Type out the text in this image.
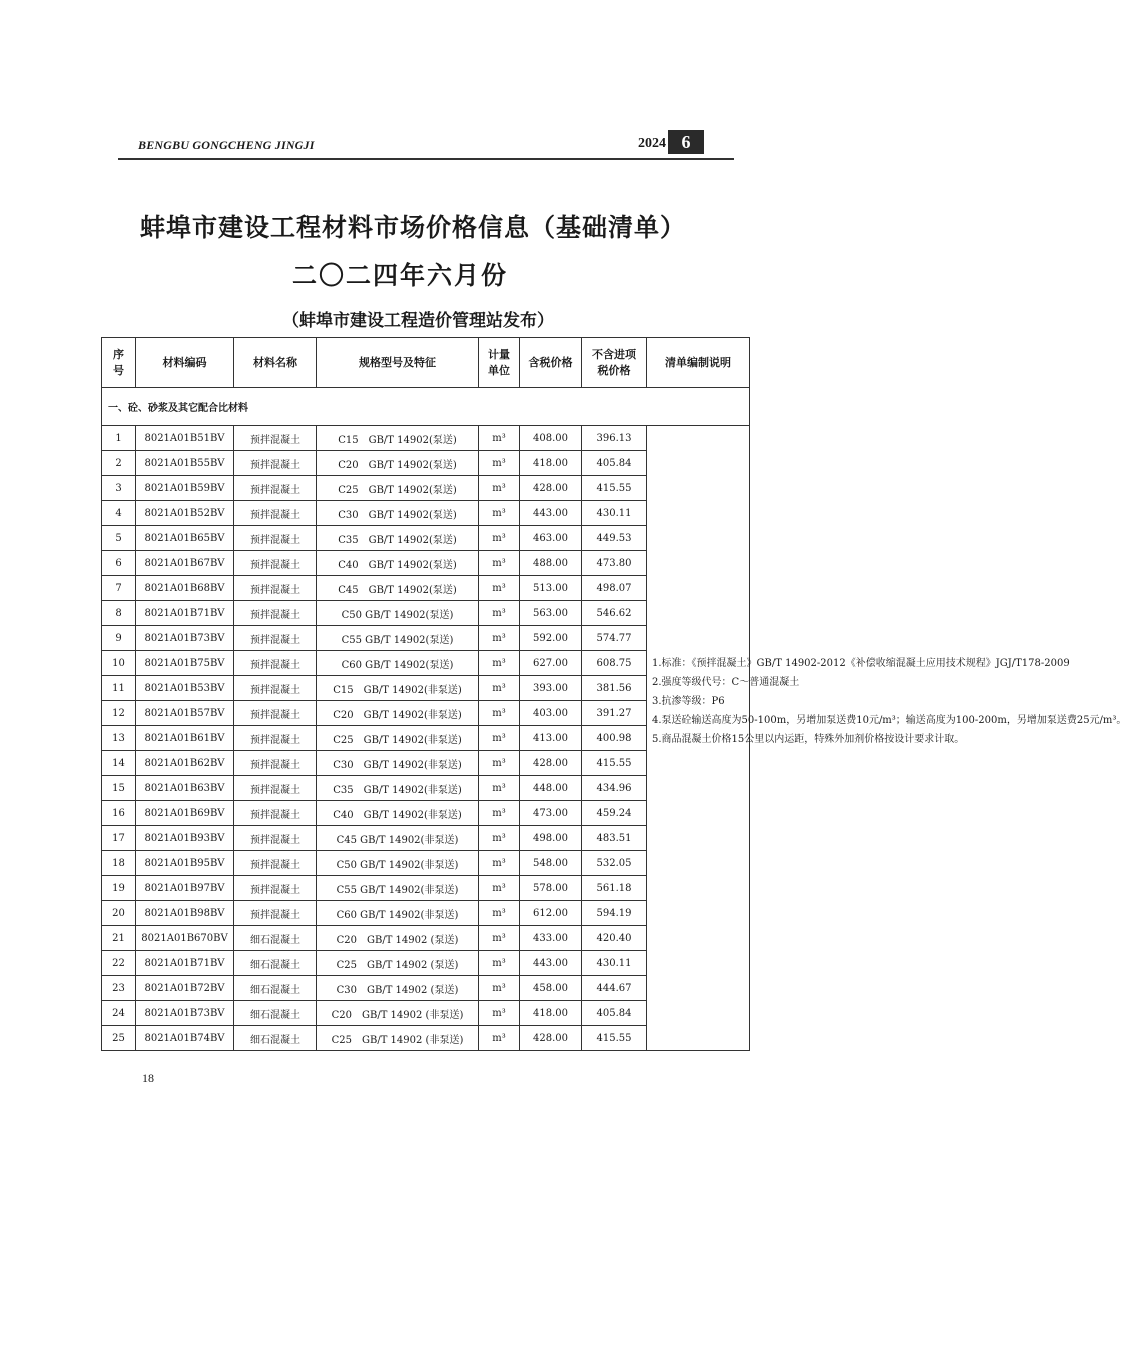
BENGBU GONGCHENG JINGJI	2024 6
蚌埠市建设工程材料市场价格信息（基础清单）
二〇二四年六月份
（蚌埠市建设工程造价管理站发布）
序号	材料编码	材料名称	规格型号及特征	计量单位	含税价格	不含进项税价格	清单编制说明
一、砼、砂浆及其它配合比材料							
1	8021A01B51BV	预拌混凝土	C15　GB/T 14902(泵送)	m³	408.00	396.13	1.标准：《预拌混凝土》GB/T 14902-2012《补偿收缩混凝土应用技术规程》JGJ/T178-2009
2.强度等级代号：C～普通混凝土
3.抗渗等级：P6
4.泵送砼输送高度为50-100m，另增加泵送费10元/m³；输送高度为100-200m，另增加泵送费25元/m³。
5.商品混凝土价格15公里以内运距，特殊外加剂价格按设计要求计取。

2	8021A01B55BV	预拌混凝土	C20　GB/T 14902(泵送)	m³	418.00	405.84	
3	8021A01B59BV	预拌混凝土	C25　GB/T 14902(泵送)	m³	428.00	415.55	
4	8021A01B52BV	预拌混凝土	C30　GB/T 14902(泵送)	m³	443.00	430.11	
5	8021A01B65BV	预拌混凝土	C35　GB/T 14902(泵送)	m³	463.00	449.53	
6	8021A01B67BV	预拌混凝土	C40　GB/T 14902(泵送)	m³	488.00	473.80	
7	8021A01B68BV	预拌混凝土	C45　GB/T 14902(泵送)	m³	513.00	498.07	
8	8021A01B71BV	预拌混凝土	C50 GB/T 14902(泵送)	m³	563.00	546.62	
9	8021A01B73BV	预拌混凝土	C55 GB/T 14902(泵送)	m³	592.00	574.77	
10	8021A01B75BV	预拌混凝土	C60 GB/T 14902(泵送)	m³	627.00	608.75	
11	8021A01B53BV	预拌混凝土	C15　GB/T 14902(非泵送)	m³	393.00	381.56	
12	8021A01B57BV	预拌混凝土	C20　GB/T 14902(非泵送)	m³	403.00	391.27	
13	8021A01B61BV	预拌混凝土	C25　GB/T 14902(非泵送)	m³	413.00	400.98	
14	8021A01B62BV	预拌混凝土	C30　GB/T 14902(非泵送)	m³	428.00	415.55	
15	8021A01B63BV	预拌混凝土	C35　GB/T 14902(非泵送)	m³	448.00	434.96	
16	8021A01B69BV	预拌混凝土	C40　GB/T 14902(非泵送)	m³	473.00	459.24	
17	8021A01B93BV	预拌混凝土	C45 GB/T 14902(非泵送)	m³	498.00	483.51	
18	8021A01B95BV	预拌混凝土	C50 GB/T 14902(非泵送)	m³	548.00	532.05	
19	8021A01B97BV	预拌混凝土	C55 GB/T 14902(非泵送)	m³	578.00	561.18	
20	8021A01B98BV	预拌混凝土	C60 GB/T 14902(非泵送)	m³	612.00	594.19	
21	8021A01B670BV	细石混凝土	C20　GB/T 14902 (泵送)	m³	433.00	420.40	
22	8021A01B71BV	细石混凝土	C25　GB/T 14902 (泵送)	m³	443.00	430.11	
23	8021A01B72BV	细石混凝土	C30　GB/T 14902 (泵送)	m³	458.00	444.67	
24	8021A01B73BV	细石混凝土	C20　GB/T 14902 (非泵送)	m³	418.00	405.84	
25	8021A01B74BV	细石混凝土	C25　GB/T 14902 (非泵送)	m³	428.00	415.55	
18
